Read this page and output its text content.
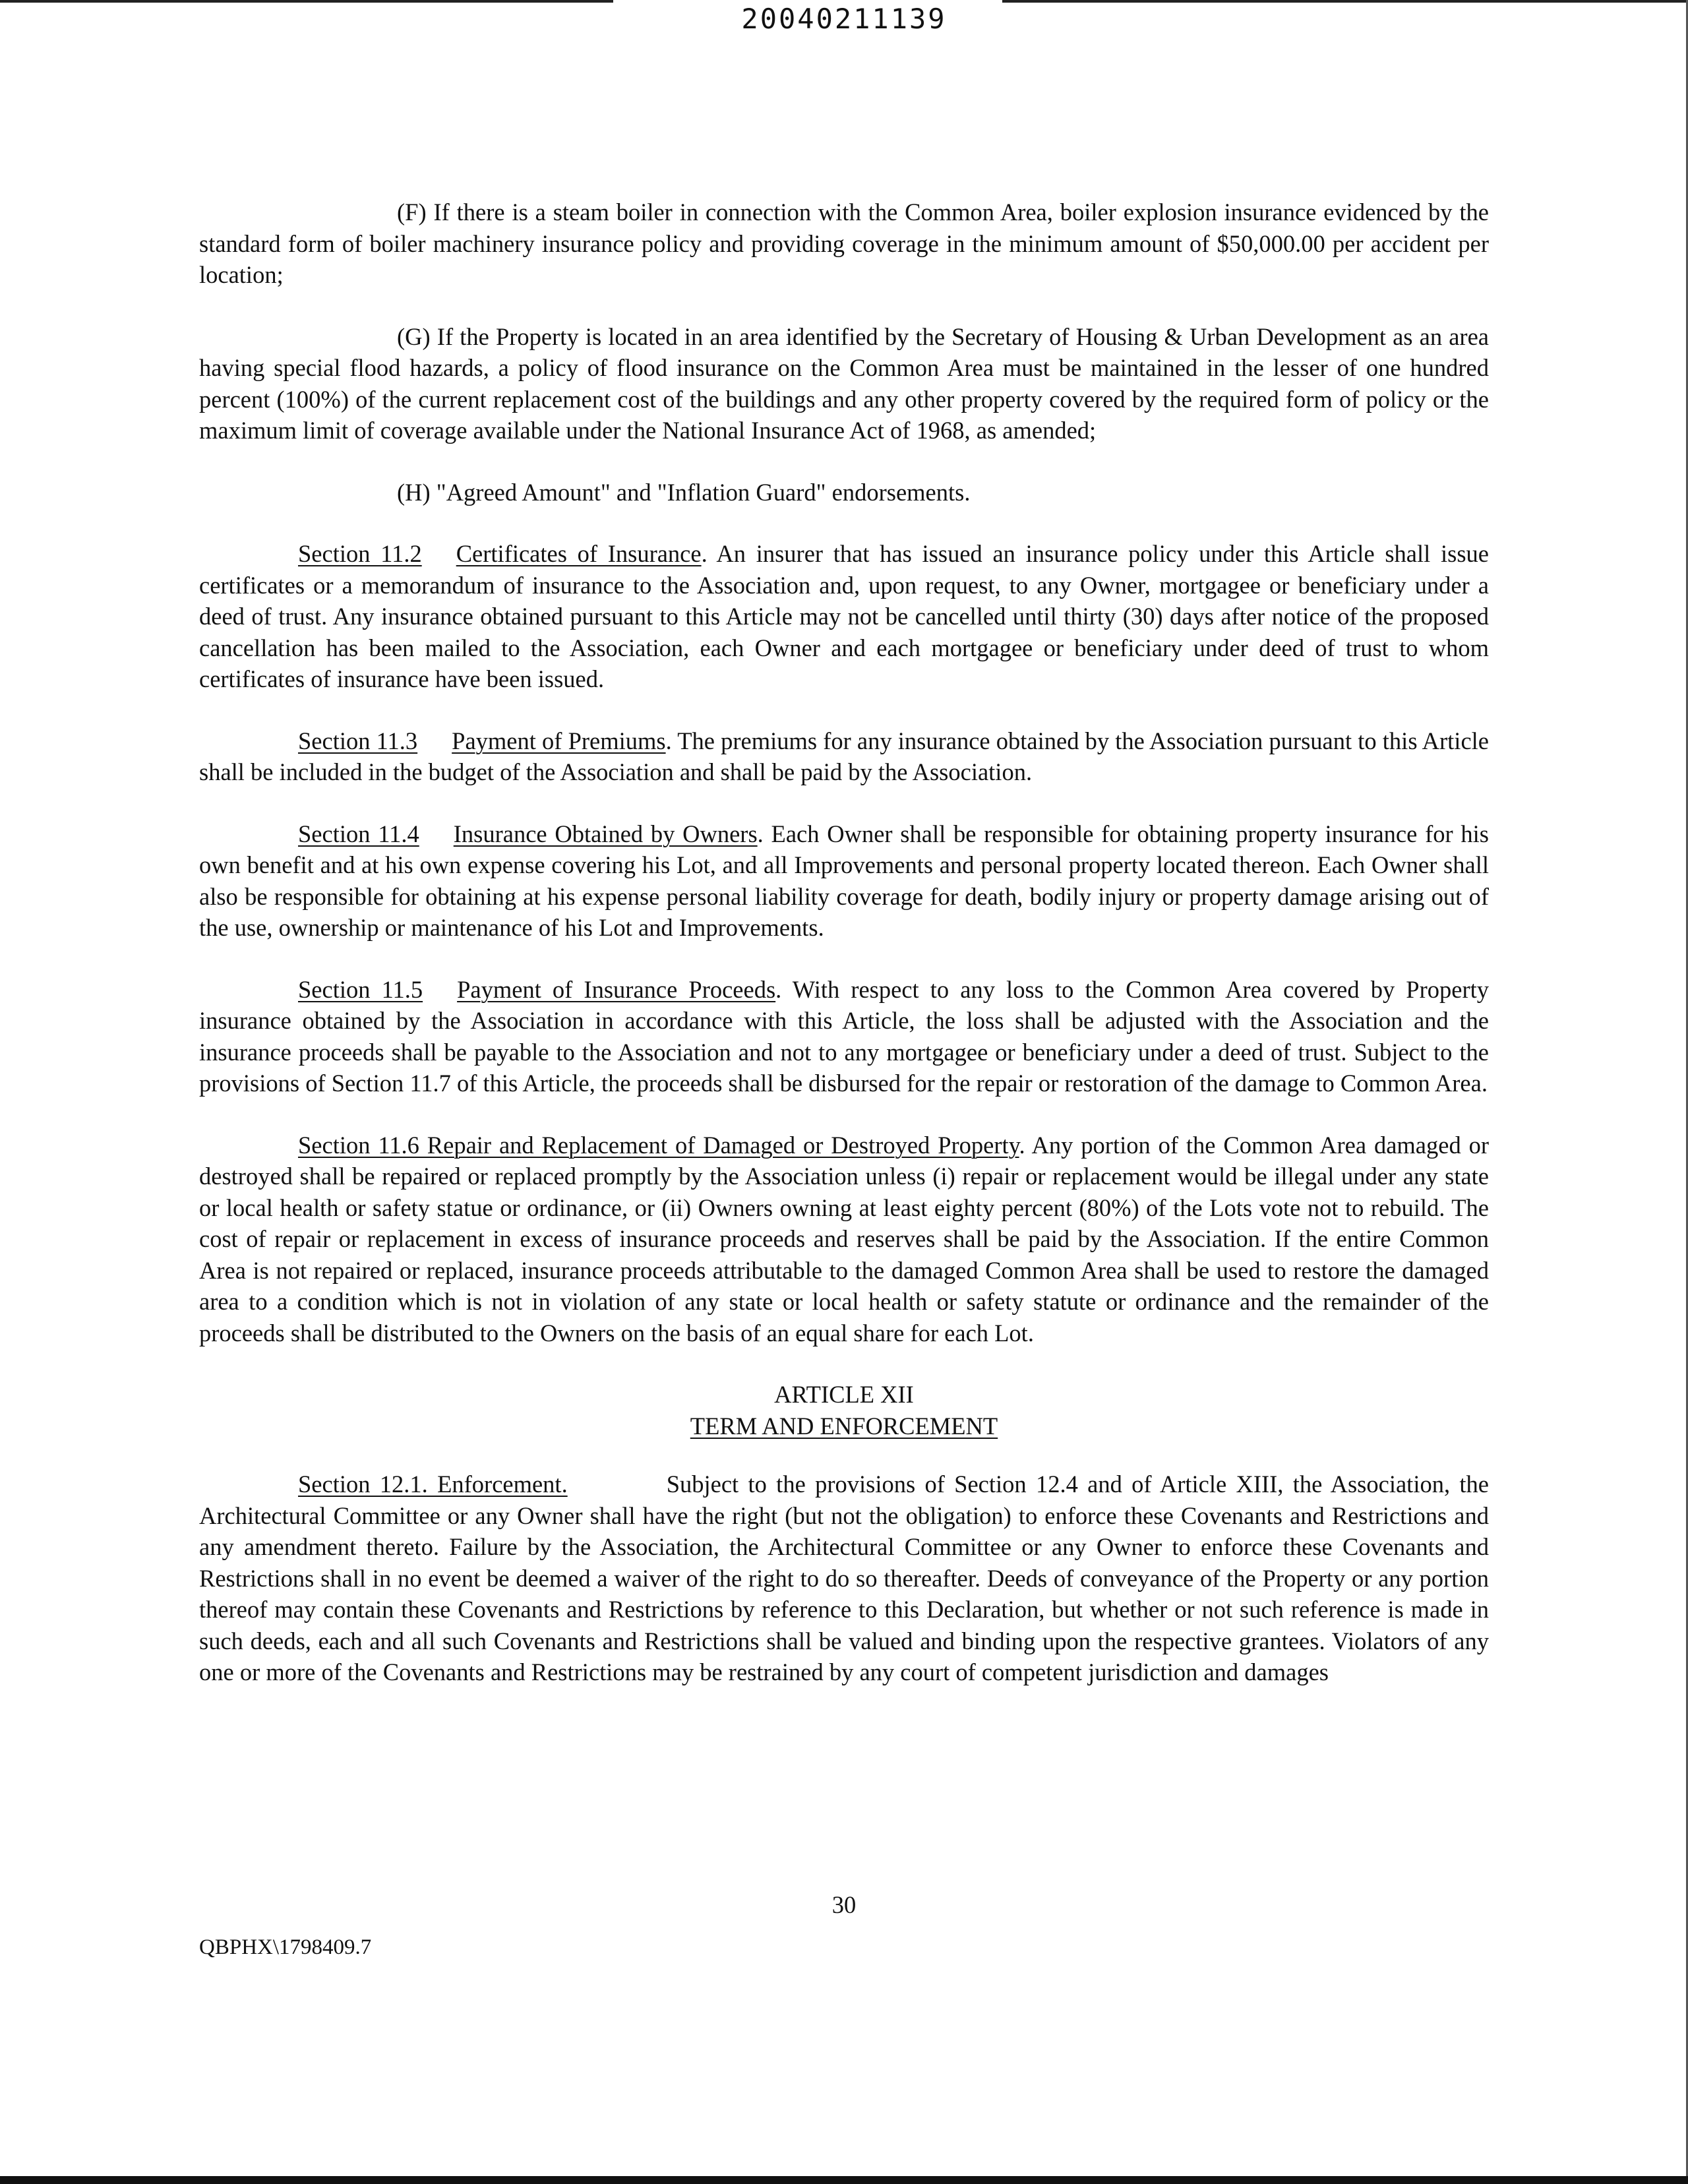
20040211139

(F) If there is a steam boiler in connection with the Common Area, boiler explosion insurance evidenced by the standard form of boiler machinery insurance policy and providing coverage in the minimum amount of $50,000.00 per accident per location;

(G) If the Property is located in an area identified by the Secretary of Housing & Urban Development as an area having special flood hazards, a policy of flood insurance on the Common Area must be maintained in the lesser of one hundred percent (100%) of the current replacement cost of the buildings and any other property covered by the required form of policy or the maximum limit of coverage available under the National Insurance Act of 1968, as amended;

(H) "Agreed Amount" and "Inflation Guard" endorsements.

Section 11.2 Certificates of Insurance. An insurer that has issued an insurance policy under this Article shall issue certificates or a memorandum of insurance to the Association and, upon request, to any Owner, mortgagee or beneficiary under a deed of trust. Any insurance obtained pursuant to this Article may not be cancelled until thirty (30) days after notice of the proposed cancellation has been mailed to the Association, each Owner and each mortgagee or beneficiary under deed of trust to whom certificates of insurance have been issued.

Section 11.3 Payment of Premiums. The premiums for any insurance obtained by the Association pursuant to this Article shall be included in the budget of the Association and shall be paid by the Association.

Section 11.4 Insurance Obtained by Owners. Each Owner shall be responsible for obtaining property insurance for his own benefit and at his own expense covering his Lot, and all Improvements and personal property located thereon. Each Owner shall also be responsible for obtaining at his expense personal liability coverage for death, bodily injury or property damage arising out of the use, ownership or maintenance of his Lot and Improvements.

Section 11.5 Payment of Insurance Proceeds. With respect to any loss to the Common Area covered by Property insurance obtained by the Association in accordance with this Article, the loss shall be adjusted with the Association and the insurance proceeds shall be payable to the Association and not to any mortgagee or beneficiary under a deed of trust. Subject to the provisions of Section 11.7 of this Article, the proceeds shall be disbursed for the repair or restoration of the damage to Common Area.

Section 11.6 Repair and Replacement of Damaged or Destroyed Property. Any portion of the Common Area damaged or destroyed shall be repaired or replaced promptly by the Association unless (i) repair or replacement would be illegal under any state or local health or safety statue or ordinance, or (ii) Owners owning at least eighty percent (80%) of the Lots vote not to rebuild. The cost of repair or replacement in excess of insurance proceeds and reserves shall be paid by the Association. If the entire Common Area is not repaired or replaced, insurance proceeds attributable to the damaged Common Area shall be used to restore the damaged area to a condition which is not in violation of any state or local health or safety statute or ordinance and the remainder of the proceeds shall be distributed to the Owners on the basis of an equal share for each Lot.

ARTICLE XII
TERM AND ENFORCEMENT

Section 12.1. Enforcement.	Subject to the provisions of Section 12.4 and of Article XIII, the Association, the Architectural Committee or any Owner shall have the right (but not the obligation) to enforce these Covenants and Restrictions and any amendment thereto. Failure by the Association, the Architectural Committee or any Owner to enforce these Covenants and Restrictions shall in no event be deemed a waiver of the right to do so thereafter. Deeds of conveyance of the Property or any portion thereof may contain these Covenants and Restrictions by reference to this Declaration, but whether or not such reference is made in such deeds, each and all such Covenants and Restrictions shall be valued and binding upon the respective grantees. Violators of any one or more of the Covenants and Restrictions may be restrained by any court of competent jurisdiction and damages

30
QBPHX\1798409.7
